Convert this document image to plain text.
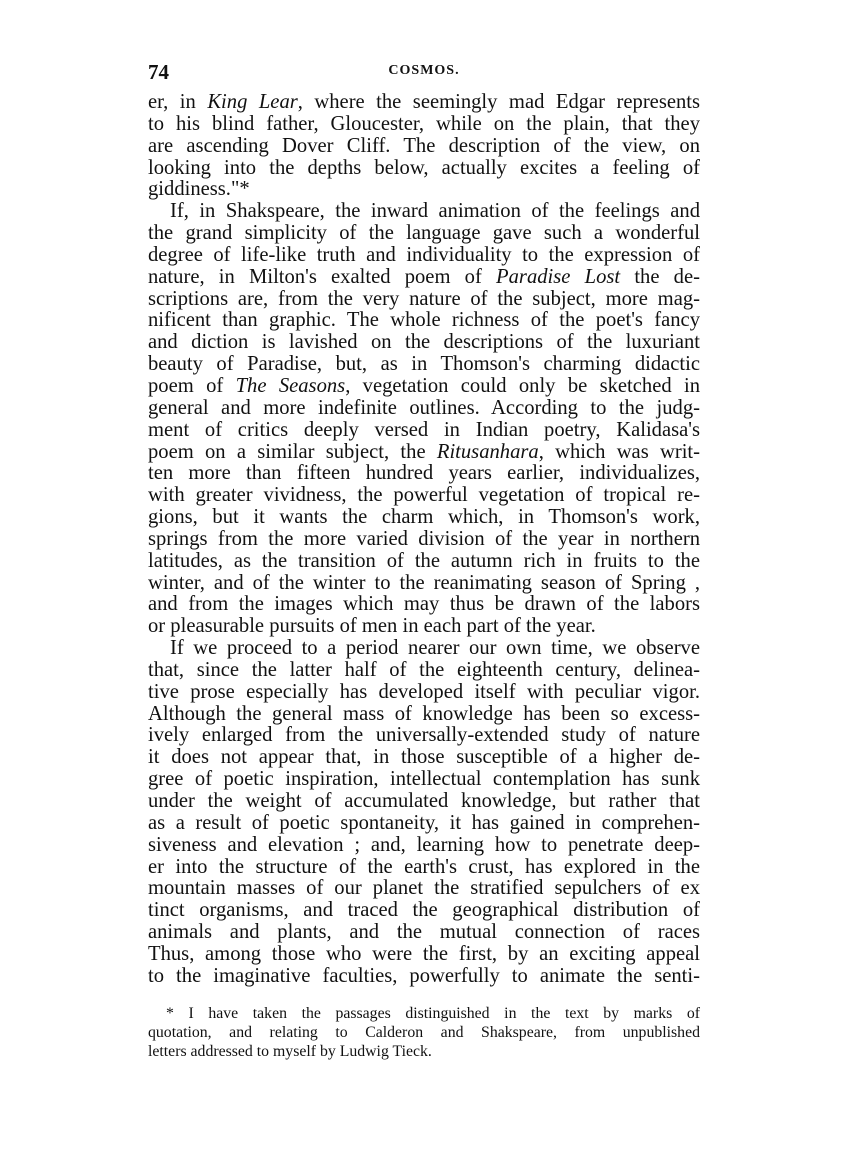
74	COSMOS.
er, in King Lear, where the seemingly mad Edgar represents
to his blind father, Gloucester, while on the plain, that they
are ascending Dover Cliff. The description of the view, on
looking into the depths below, actually excites a feeling of
giddiness."*
If, in Shakspeare, the inward animation of the feelings and
the grand simplicity of the language gave such a wonderful
degree of life-like truth and individuality to the expression of
nature, in Milton's exalted poem of Paradise Lost the de-
scriptions are, from the very nature of the subject, more mag-
nificent than graphic. The whole richness of the poet's fancy
and diction is lavished on the descriptions of the luxuriant
beauty of Paradise, but, as in Thomson's charming didactic
poem of The Seasons, vegetation could only be sketched in
general and more indefinite outlines. According to the judg-
ment of critics deeply versed in Indian poetry, Kalidasa's
poem on a similar subject, the Ritusanhara, which was writ-
ten more than fifteen hundred years earlier, individualizes,
with greater vividness, the powerful vegetation of tropical re-
gions, but it wants the charm which, in Thomson's work,
springs from the more varied division of the year in northern
latitudes, as the transition of the autumn rich in fruits to the
winter, and of the winter to the reanimating season of Spring ,
and from the images which may thus be drawn of the labors
or pleasurable pursuits of men in each part of the year.
If we proceed to a period nearer our own time, we observe
that, since the latter half of the eighteenth century, delinea-
tive prose especially has developed itself with peculiar vigor.
Although the general mass of knowledge has been so excess-
ively enlarged from the universally-extended study of nature
it does not appear that, in those susceptible of a higher de-
gree of poetic inspiration, intellectual contemplation has sunk
under the weight of accumulated knowledge, but rather that
as a result of poetic spontaneity, it has gained in comprehen-
siveness and elevation ; and, learning how to penetrate deep-
er into the structure of the earth's crust, has explored in the
mountain masses of our planet the stratified sepulchers of ex
tinct organisms, and traced the geographical distribution of
animals and plants, and the mutual connection of races
Thus, among those who were the first, by an exciting appeal
to the imaginative faculties, powerfully to animate the senti-
* I have taken the passages distinguished in the text by marks of
quotation, and relating to Calderon and Shakspeare, from unpublished
letters addressed to myself by Ludwig Tieck.
